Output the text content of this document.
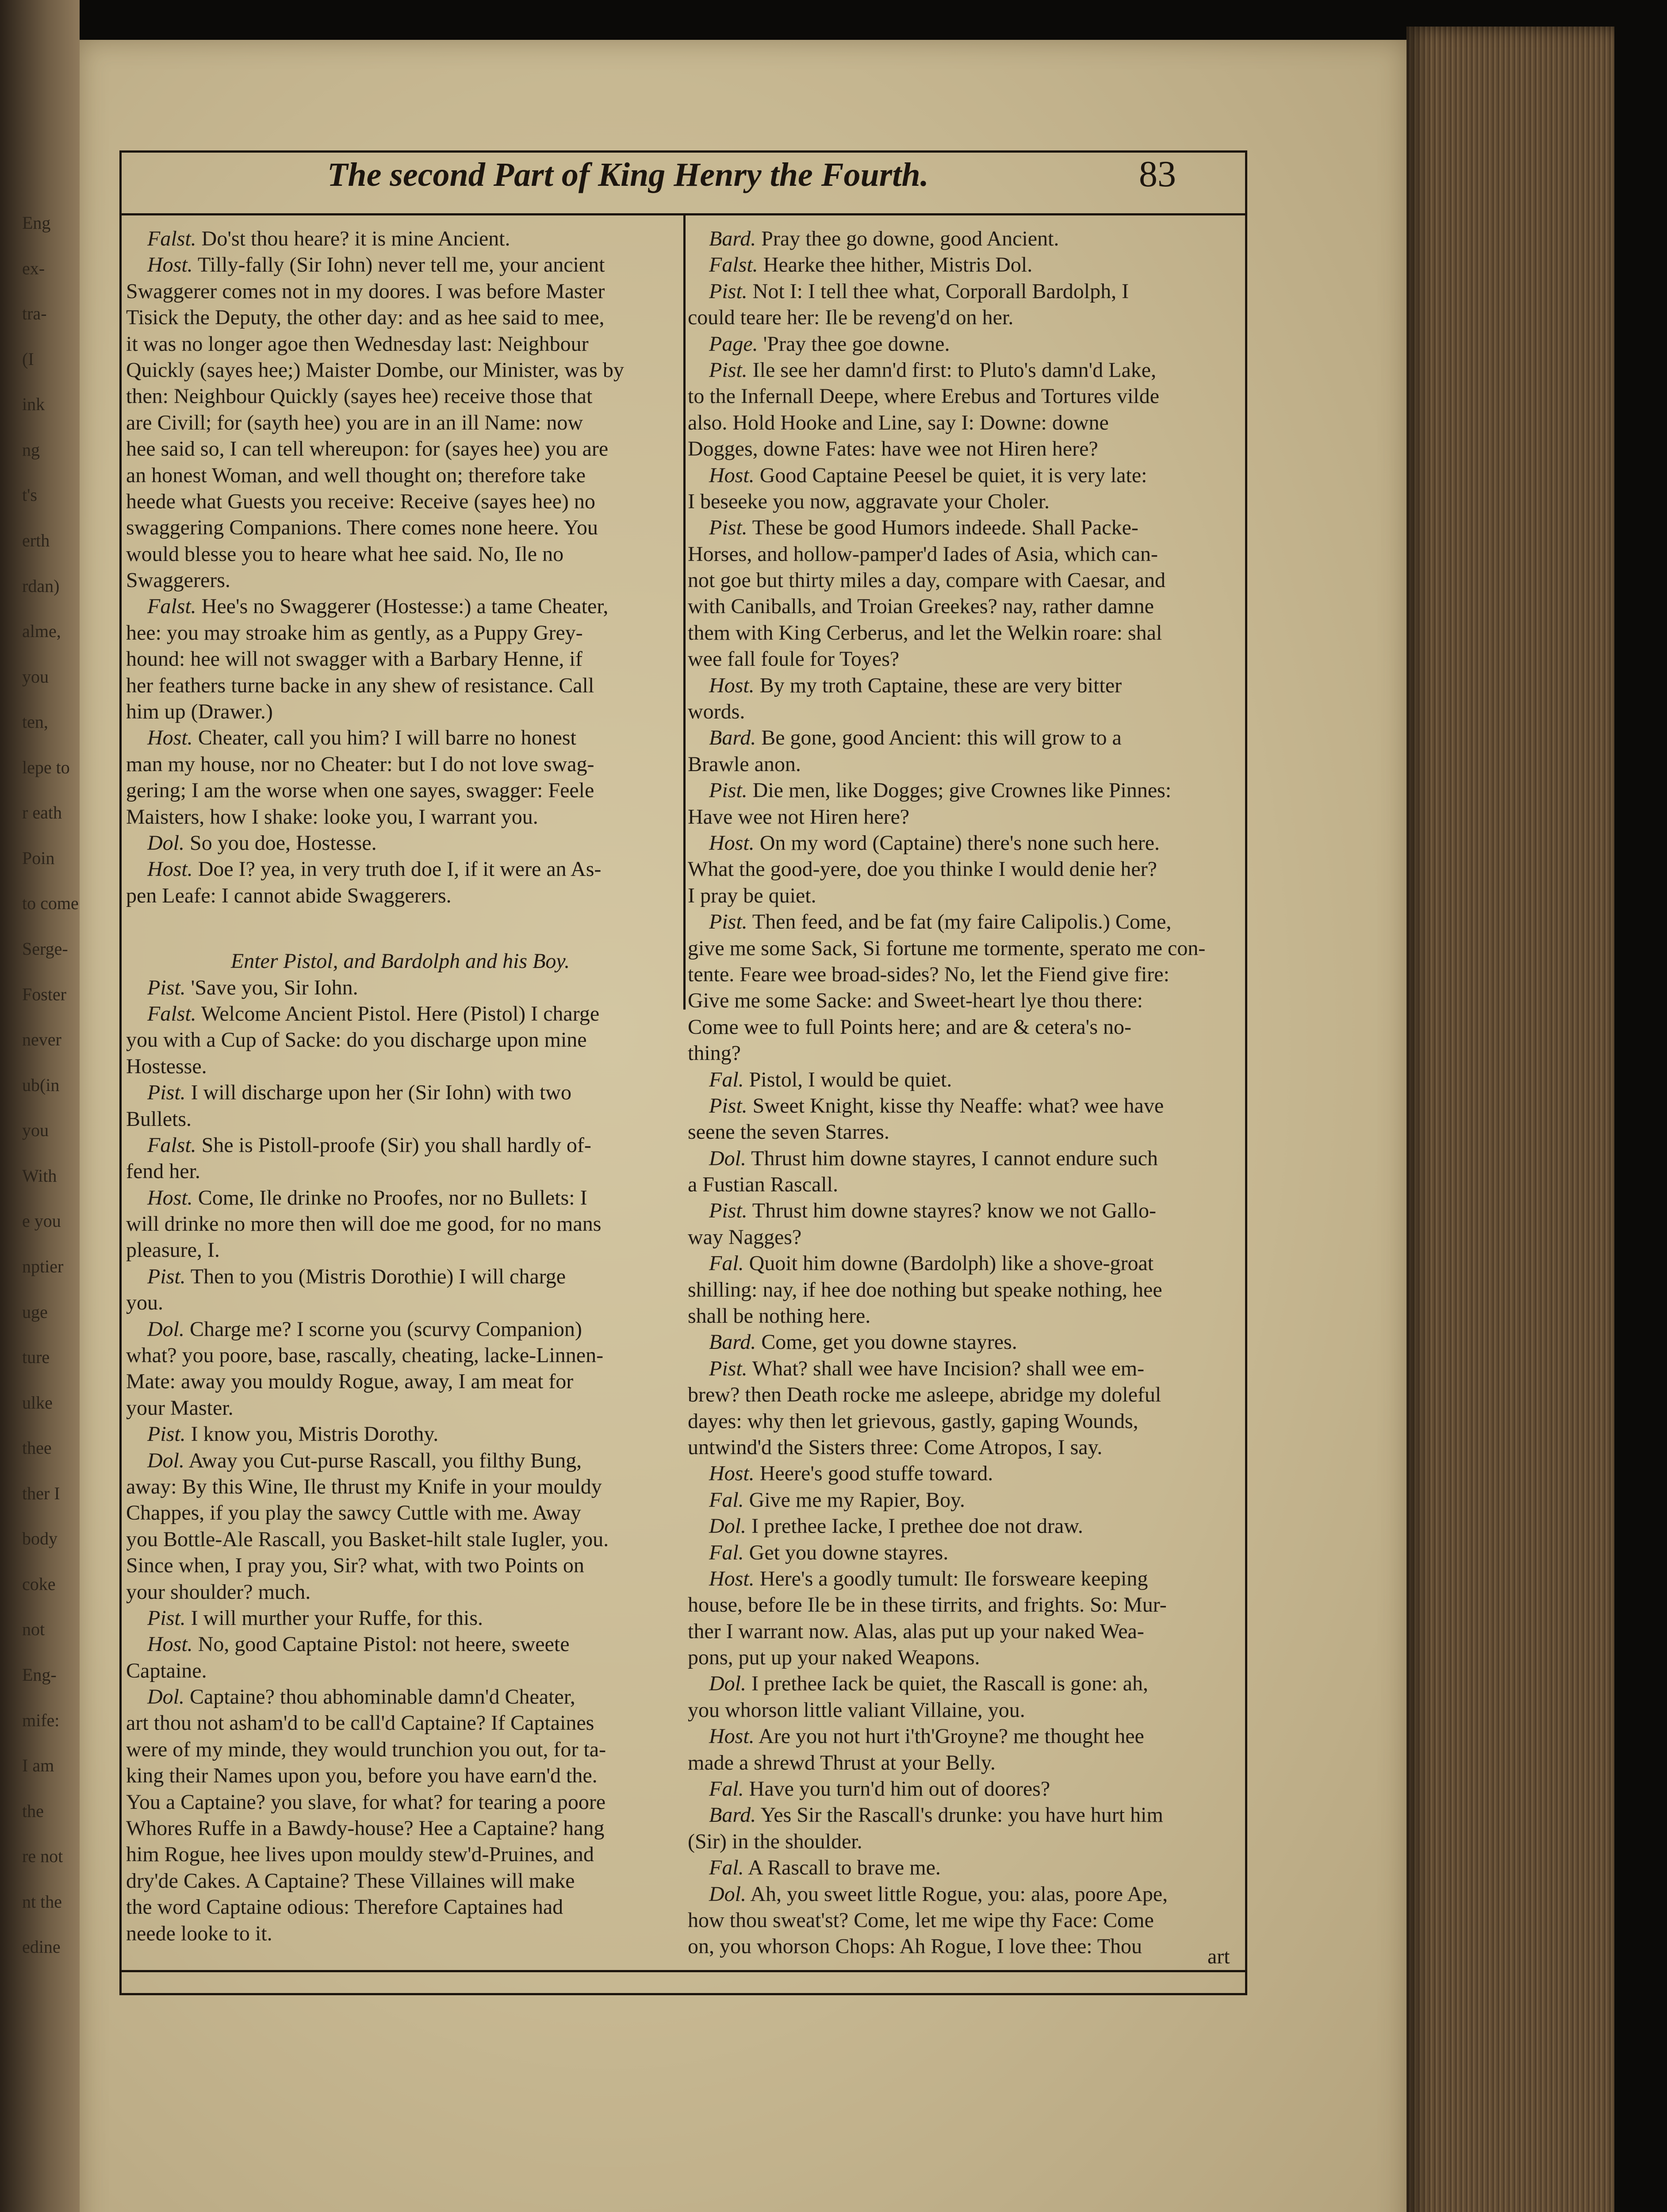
Eng
ex-
tra-
(I
ink
ng
t's
erth
rdan)
alme,
you
ten,
lepe to
r eath
Poin
to come
Serge-
Foster
never
ub(in
you
With
e you
nptier
uge
ture
ulke
thee
ther I
body
coke
not
Eng-
mife:
I am
the
re not
nt the
edine
The second Part of King Henry the Fourth.	83
 Falst. Do'st thou heare? it is mine Ancient.
 Host. Tilly-fally (Sir Iohn) never tell me, your ancient
Swaggerer comes not in my doores. I was before Master
Tisick the Deputy, the other day: and as hee said to mee,
it was no longer agoe then Wednesday last: Neighbour
Quickly (sayes hee;) Maister Dombe, our Minister, was by
then: Neighbour Quickly (sayes hee) receive those that
are Civill; for (sayth hee) you are in an ill Name: now
hee said so, I can tell whereupon: for (sayes hee) you are
an honest Woman, and well thought on; therefore take
heede what Guests you receive: Receive (sayes hee) no
swaggering Companions. There comes none heere. You
would blesse you to heare what hee said. No, Ile no
Swaggerers.
 Falst. Hee's no Swaggerer (Hostesse:) a tame Cheater,
hee: you may stroake him as gently, as a Puppy Grey-
hound: hee will not swagger with a Barbary Henne, if
her feathers turne backe in any shew of resistance. Call
him up (Drawer.)
 Host. Cheater, call you him? I will barre no honest
man my house, nor no Cheater: but I do not love swag-
gering; I am the worse when one sayes, swagger: Feele
Maisters, how I shake: looke you, I warrant you.
 Dol. So you doe, Hostesse.
 Host. Doe I? yea, in very truth doe I, if it were an As-
pen Leafe: I cannot abide Swaggerers.
Enter Pistol, and Bardolph and his Boy.
 Pist. 'Save you, Sir Iohn.
 Falst. Welcome Ancient Pistol. Here (Pistol) I charge
you with a Cup of Sacke: do you discharge upon mine
Hostesse.
 Pist. I will discharge upon her (Sir Iohn) with two
Bullets.
 Falst. She is Pistoll-proofe (Sir) you shall hardly of-
fend her.
 Host. Come, Ile drinke no Proofes, nor no Bullets: I
will drinke no more then will doe me good, for no mans
pleasure, I.
 Pist. Then to you (Mistris Dorothie) I will charge
you.
 Dol. Charge me? I scorne you (scurvy Companion)
what? you poore, base, rascally, cheating, lacke-Linnen-
Mate: away you mouldy Rogue, away, I am meat for
your Master.
 Pist. I know you, Mistris Dorothy.
 Dol. Away you Cut-purse Rascall, you filthy Bung,
away: By this Wine, Ile thrust my Knife in your mouldy
Chappes, if you play the sawcy Cuttle with me. Away
you Bottle-Ale Rascall, you Basket-hilt stale Iugler, you.
Since when, I pray you, Sir? what, with two Points on
your shoulder? much.
 Pist. I will murther your Ruffe, for this.
 Host. No, good Captaine Pistol: not heere, sweete
Captaine.
 Dol. Captaine? thou abhominable damn'd Cheater,
art thou not asham'd to be call'd Captaine? If Captaines
were of my minde, they would trunchion you out, for ta-
king their Names upon you, before you have earn'd the.
You a Captaine? you slave, for what? for tearing a poore
Whores Ruffe in a Bawdy-house? Hee a Captaine? hang
him Rogue, hee lives upon mouldy stew'd-Pruines, and
dry'de Cakes. A Captaine? These Villaines will make
the word Captaine odious: Therefore Captaines had
neede looke to it.
 Bard. Pray thee go downe, good Ancient.
 Falst. Hearke thee hither, Mistris Dol.
 Pist. Not I: I tell thee what, Corporall Bardolph, I
could teare her: Ile be reveng'd on her.
 Page. 'Pray thee goe downe.
 Pist. Ile see her damn'd first: to Pluto's damn'd Lake,
to the Infernall Deepe, where Erebus and Tortures vilde
also. Hold Hooke and Line, say I: Downe: downe
Dogges, downe Fates: have wee not Hiren here?
 Host. Good Captaine Peesel be quiet, it is very late:
I beseeke you now, aggravate your Choler.
 Pist. These be good Humors indeede. Shall Packe-
Horses, and hollow-pamper'd Iades of Asia, which can-
not goe but thirty miles a day, compare with Caesar, and
with Caniballs, and Troian Greekes? nay, rather damne
them with King Cerberus, and let the Welkin roare: shal
wee fall foule for Toyes?
 Host. By my troth Captaine, these are very bitter
words.
 Bard. Be gone, good Ancient: this will grow to a
Brawle anon.
 Pist. Die men, like Dogges; give Crownes like Pinnes:
Have wee not Hiren here?
 Host. On my word (Captaine) there's none such here.
What the good-yere, doe you thinke I would denie her?
I pray be quiet.
 Pist. Then feed, and be fat (my faire Calipolis.) Come,
give me some Sack, Si fortune me tormente, sperato me con-
tente. Feare wee broad-sides? No, let the Fiend give fire:
Give me some Sacke: and Sweet-heart lye thou there:
Come wee to full Points here; and are & cetera's no-
thing?
 Fal. Pistol, I would be quiet.
 Pist. Sweet Knight, kisse thy Neaffe: what? wee have
seene the seven Starres.
 Dol. Thrust him downe stayres, I cannot endure such
a Fustian Rascall.
 Pist. Thrust him downe stayres? know we not Gallo-
way Nagges?
 Fal. Quoit him downe (Bardolph) like a shove-groat
shilling: nay, if hee doe nothing but speake nothing, hee
shall be nothing here.
 Bard. Come, get you downe stayres.
 Pist. What? shall wee have Incision? shall wee em-
brew? then Death rocke me asleepe, abridge my doleful
dayes: why then let grievous, gastly, gaping Wounds,
untwind'd the Sisters three: Come Atropos, I say.
 Host. Heere's good stuffe toward.
 Fal. Give me my Rapier, Boy.
 Dol. I prethee Iacke, I prethee doe not draw.
 Fal. Get you downe stayres.
 Host. Here's a goodly tumult: Ile forsweare keeping
house, before Ile be in these tirrits, and frights. So: Mur-
ther I warrant now. Alas, alas put up your naked Wea-
pons, put up your naked Weapons.
 Dol. I prethee Iack be quiet, the Rascall is gone: ah,
you whorson little valiant Villaine, you.
 Host. Are you not hurt i'th'Groyne? me thought hee
made a shrewd Thrust at your Belly.
 Fal. Have you turn'd him out of doores?
 Bard. Yes Sir the Rascall's drunke: you have hurt him
(Sir) in the shoulder.
 Fal. A Rascall to brave me.
 Dol. Ah, you sweet little Rogue, you: alas, poore Ape,
how thou sweat'st? Come, let me wipe thy Face: Come
on, you whorson Chops: Ah Rogue, I love thee: Thou	art
